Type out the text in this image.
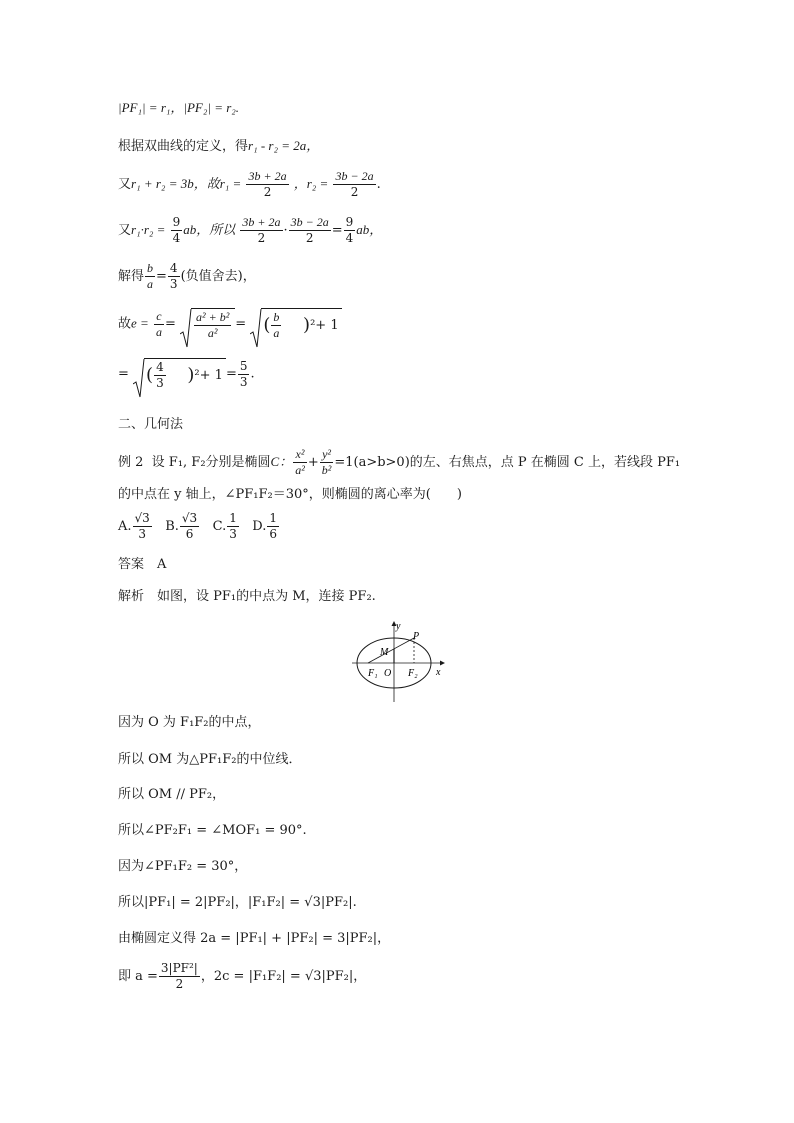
|PF₁| = r₁，|PF₂| = r₂.
根据双曲线的定义，得r₁ - r₂ = 2a，
又r₁ + r₂ = 3b，故$r_1 = \frac{3b + 2a}{2}$ ，$r_2 = \frac{3b - 2a}{2}$ .
又$r_1\cdot r_2 = \frac{9}{4}$ ab，所以 $\frac{3b + 2a}{2} \cdot \frac{3b - 2a}{2} = \frac{9}{4}$ ab，
解得 $\frac{b}{a} = \frac{4}{3}$ (负值舍去)，
故$e = \frac{c}{a} = \frac{\text{a² + b²}}{\text{a²}}$ = ( $\frac{b}{a} )^2+ 1$
= ( $\frac{4}{3} )^2+ 1 = \frac{5}{3}$ .
二、几何法
例 2 设 F₁, F₂分别是椭圆C： $\frac{\text{x²}}{\text{a²}} + \frac{\text{y²}}{\text{b²}} =1(a>b>0)$的左、右焦点，点 P 在椭圆 C 上，若线段 PF₁
的中点在 y 轴上，∠PF₁F₂＝30°，则椭圆的离心率为(　　)
A. $\frac{√3}{3} B$. $\frac{√3}{6} C$. $\frac{1}{3} D$. $\frac{1}{6}$
答案　A
解析　如图，设 PF₁的中点为 M，连接 PF₂.
y
x
P
M
F₁ O F₂
因为 O 为 F₁F₂的中点，
所以 OM 为△PF₁F₂的中位线．
所以 OM // PF₂，
所以∠PF₂F₁ = ∠MOF₁ = 90°.
因为∠PF₁F₂ = 30°，
所以|PF₁| = 2|PF₂|，|F₁F₂| = √3|PF₂|.
由椭圆定义得 2a = |PF₁| + |PF₂| = 3|PF₂|，
即 $a = \frac{\text{3|PF²|}}{2}$ ，2c = |F₁F₂| = √3|PF₂|，
